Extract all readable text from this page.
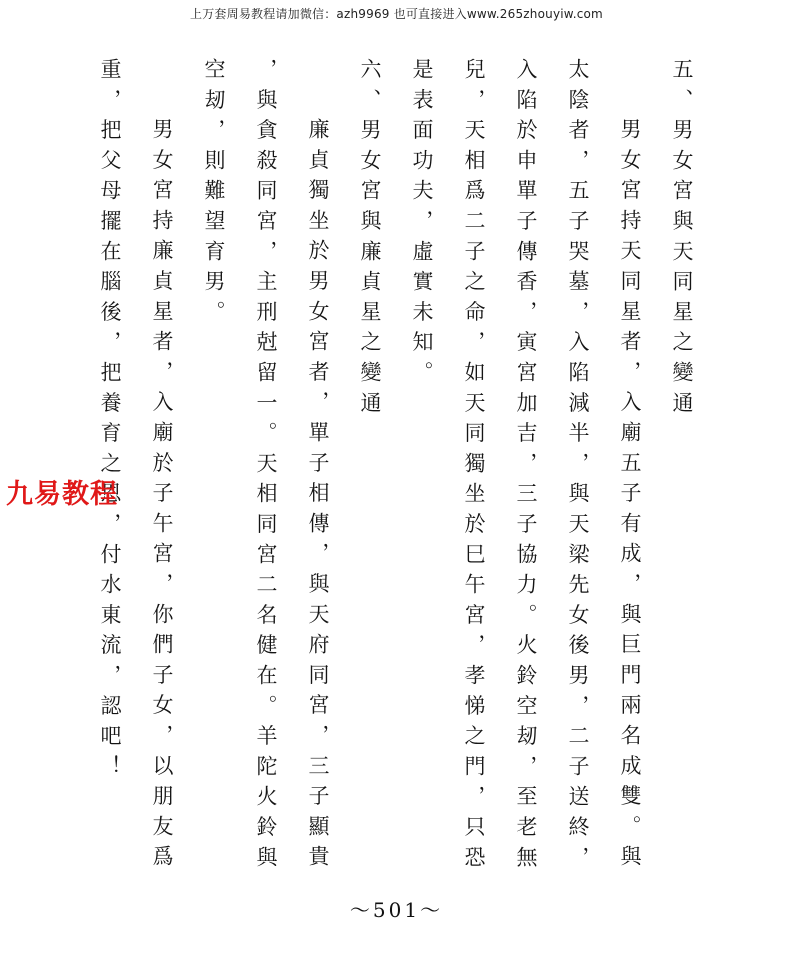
上万套周易教程请加微信：azh9969 也可直接进入www.265zhouyiw.com
五、男女宮與天同星之變通
男女宮持天同星者，入廟五子有成，與巨門兩名成雙。與
太陰者，五子哭墓，入陷減半，與天梁先女後男，二子送終，
入陷於申單子傳香，寅宮加吉，三子協力。火鈴空刼，至老無
兒，天相爲二子之命，如天同獨坐於巳午宮，孝悌之門，只恐
是表面功夫，虛實未知。
六、男女宮與廉貞星之變通
廉貞獨坐於男女宮者，單子相傳，與天府同宮，三子顯貴
，與貪殺同宮，主刑尅留一。天相同宮二名健在。羊陀火鈴與
空刼，則難望育男。
男女宮持廉貞星者，入廟於子午宮，你們子女，以朋友爲
重，把父母擺在腦後，把養育之恩，付水東流，認吧！
九易教程
～501～
